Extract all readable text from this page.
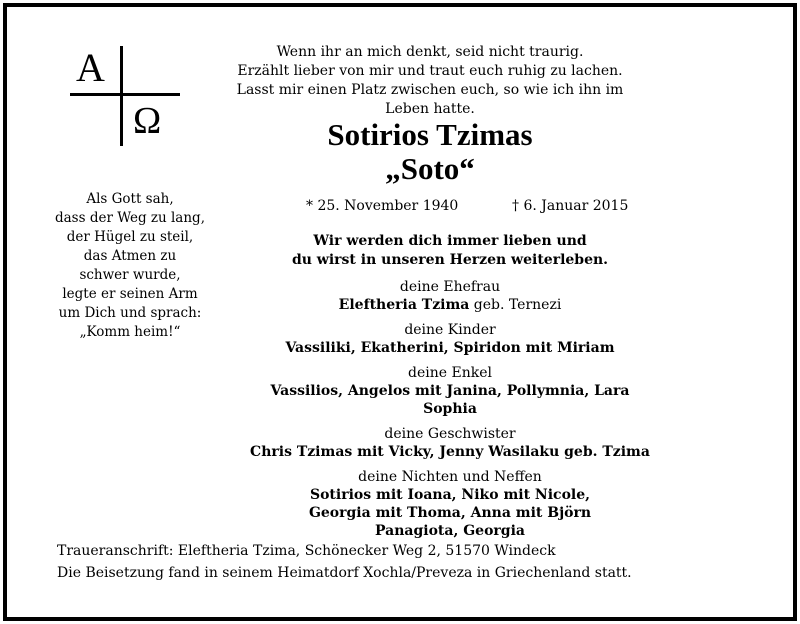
Α
Ω
Wenn ihr an mich denkt, seid nicht traurig.
Erzählt lieber von mir und traut euch ruhig zu lachen.
Lasst mir einen Platz zwischen euch, so wie ich ihn im Leben hatte.
Sotirios Tzimas
„Soto“
* 25. November 1940	† 6. Januar 2015
Als Gott sah,
dass der Weg zu lang,
der Hügel zu steil,
das Atmen zu
schwer wurde,
legte er seinen Arm
um Dich und sprach:
„Komm heim!“
Wir werden dich immer lieben und
du wirst in unseren Herzen weiterleben.
deine Ehefrau
Eleftheria Tzima geb. Ternezi
deine Kinder
Vassiliki, Ekatherini, Spiridon mit Miriam
deine Enkel
Vassilios, Angelos mit Janina, Pollymnia, Lara Sophia
deine Geschwister
Chris Tzimas mit Vicky, Jenny Wasilaku geb. Tzima
deine Nichten und Neffen
Sotirios mit Ioana, Niko mit Nicole,
Georgia mit Thoma, Anna mit Björn
Panagiota, Georgia
Traueranschrift: Eleftheria Tzima, Schönecker Weg 2, 51570 Windeck
Die Beisetzung fand in seinem Heimatdorf Xochla/Preveza in Griechenland statt.
